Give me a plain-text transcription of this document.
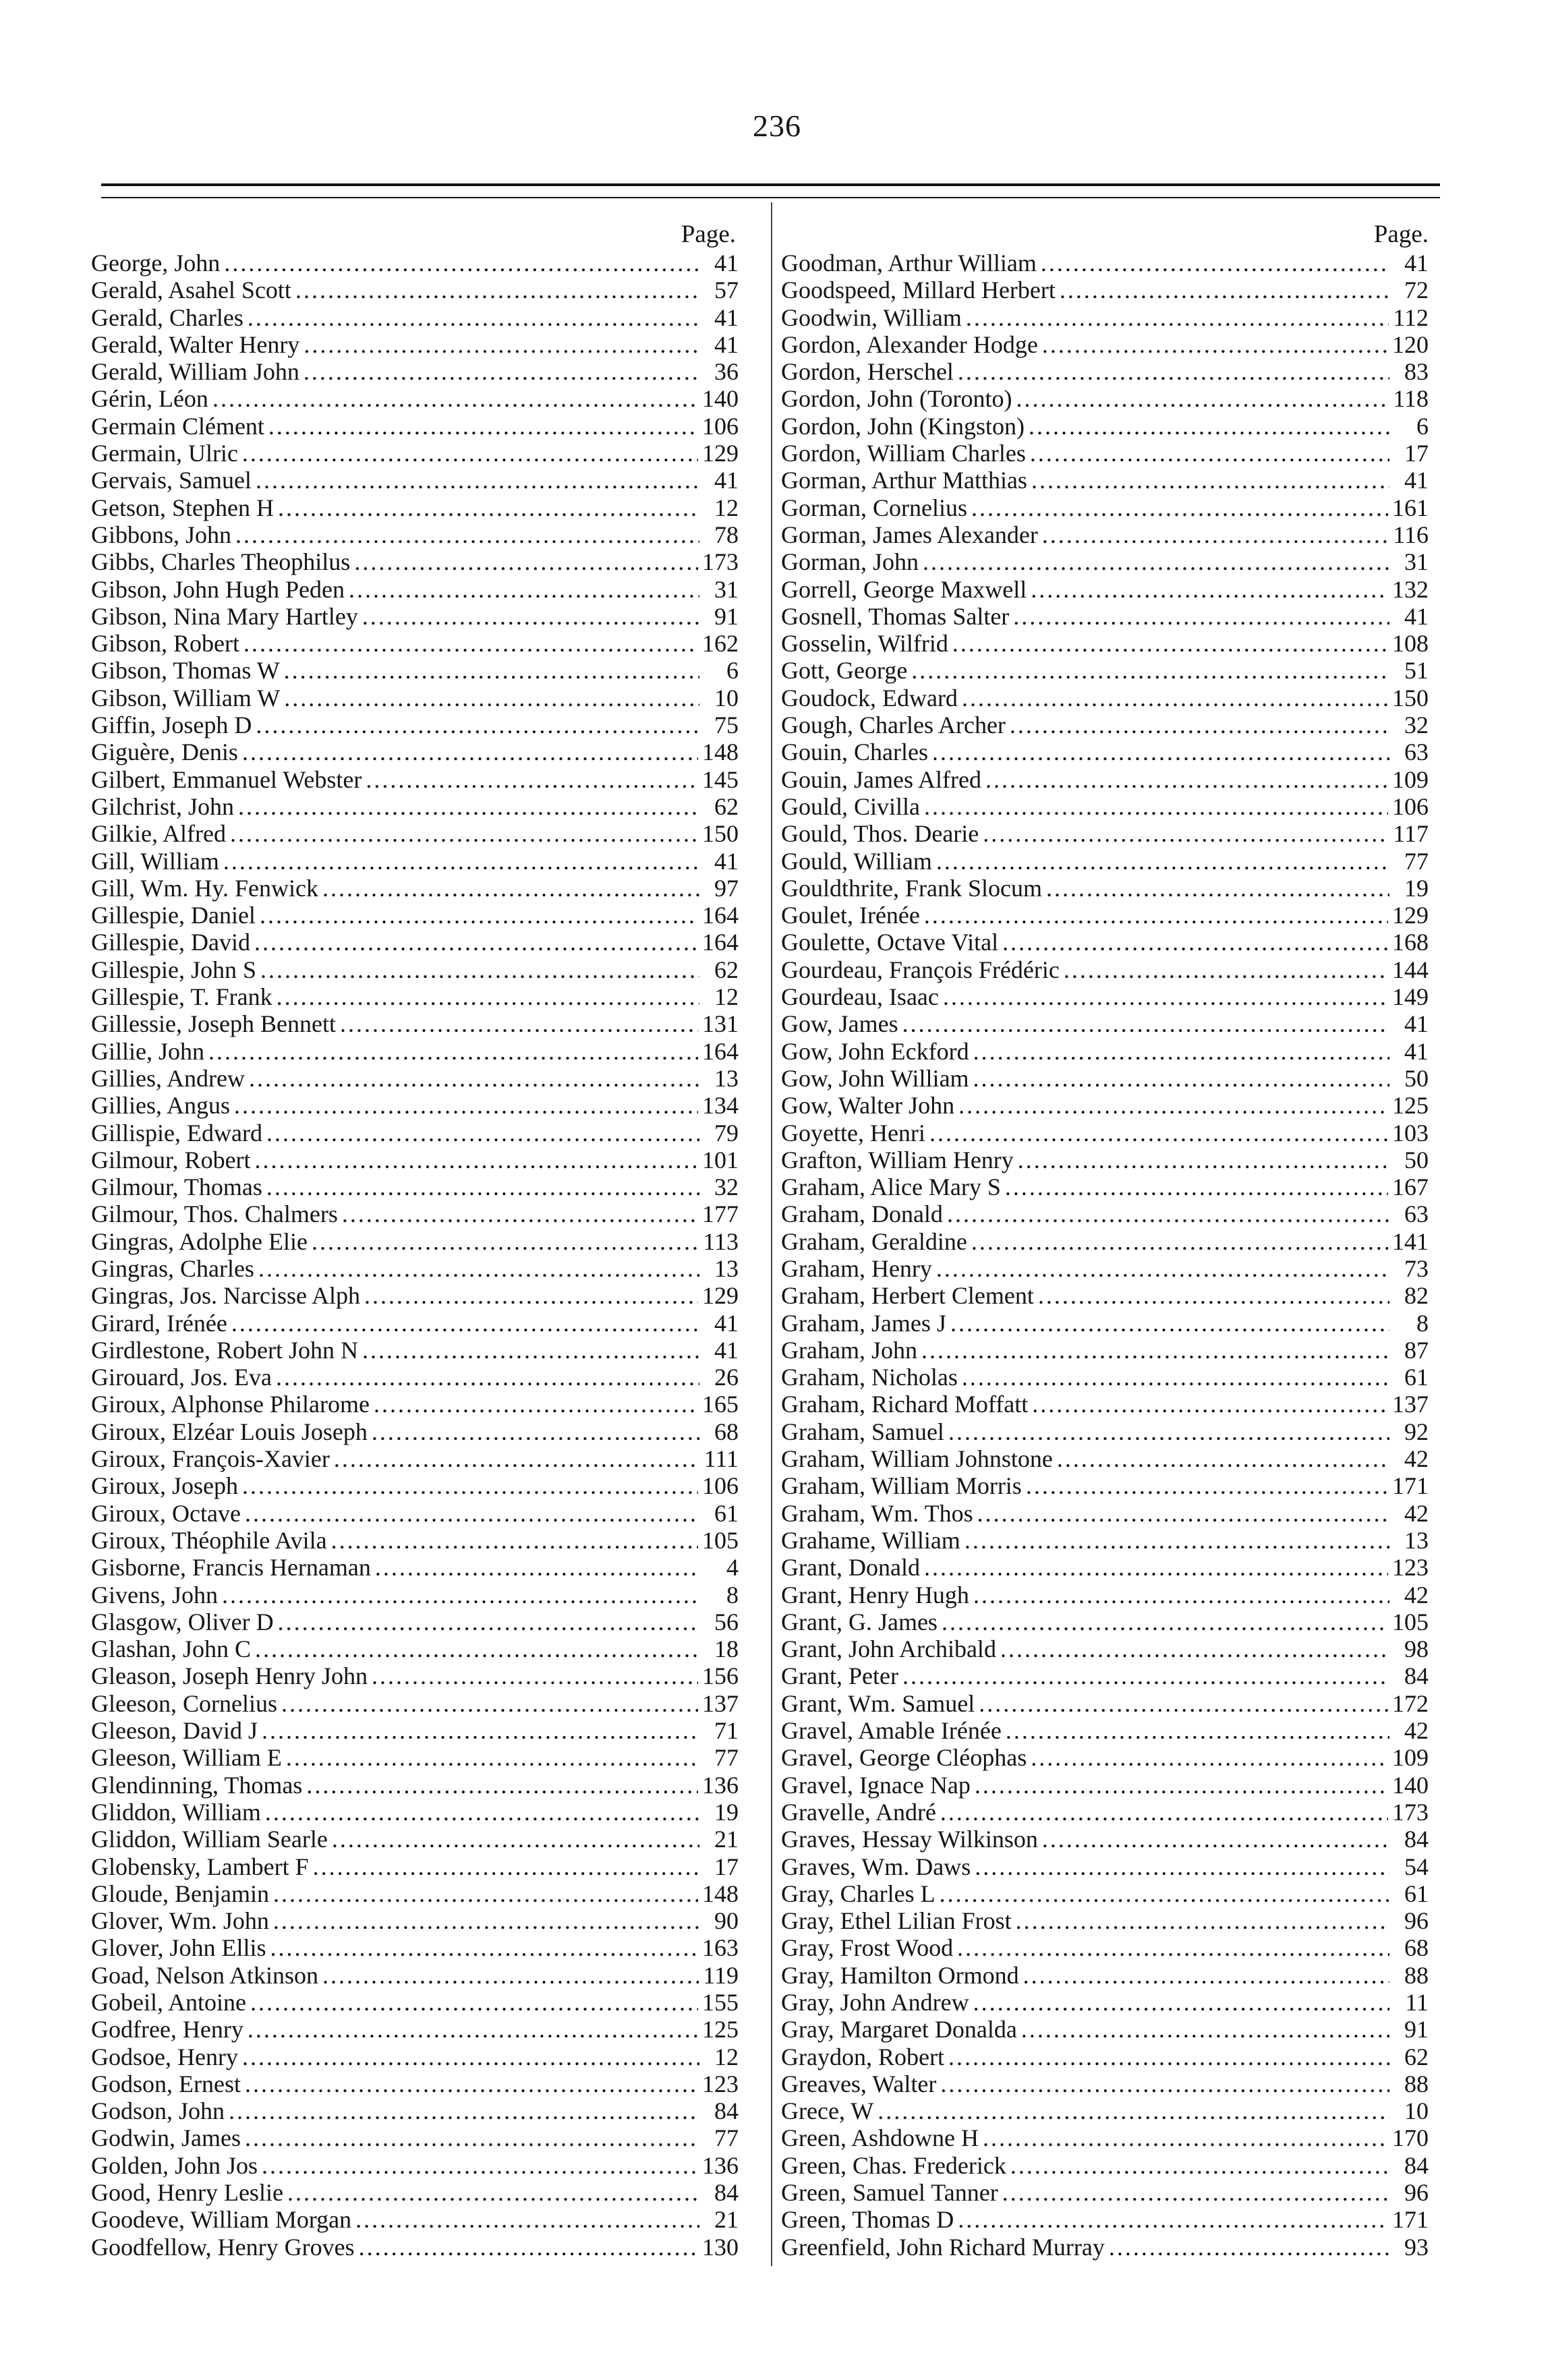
236
Page.
George, John .....	41
Gerald, Asahel Scott .....	57
Gerald, Charles .....	41
Gerald, Walter Henry .....	41
Gerald, William John .....	36
Gérin, Léon .....	140
Germain Clément .....	106
Germain, Ulric .....	129
Gervais, Samuel .....	41
Getson, Stephen H .....	12
Gibbons, John .....	78
Gibbs, Charles Theophilus .....	173
Gibson, John Hugh Peden .....	31
Gibson, Nina Mary Hartley .....	91
Gibson, Robert .....	162
Gibson, Thomas W .....	6
Gibson, William W .....	10
Giffin, Joseph D .....	75
Giguère, Denis .....	148
Gilbert, Emmanuel Webster .....	145
Gilchrist, John .....	62
Gilkie, Alfred .....	150
Gill, William .....	41
Gill, Wm. Hy. Fenwick .....	97
Gillespie, Daniel .....	164
Gillespie, David .....	164
Gillespie, John S .....	62
Gillespie, T. Frank .....	12
Gillessie, Joseph Bennett .....	131
Gillie, John .....	164
Gillies, Andrew .....	13
Gillies, Angus .....	134
Gillispie, Edward .....	79
Gilmour, Robert .....	101
Gilmour, Thomas .....	32
Gilmour, Thos. Chalmers .....	177
Gingras, Adolphe Elie .....	113
Gingras, Charles .....	13
Gingras, Jos. Narcisse Alph .....	129
Girard, Irénée .....	41
Girdlestone, Robert John N .....	41
Girouard, Jos. Eva .....	26
Giroux, Alphonse Philarome .....	165
Giroux, Elzéar Louis Joseph .....	68
Giroux, François-Xavier .....	111
Giroux, Joseph .....	106
Giroux, Octave .....	61
Giroux, Théophile Avila .....	105
Gisborne, Francis Hernaman .....	4
Givens, John .....	8
Glasgow, Oliver D .....	56
Glashan, John C .....	18
Gleason, Joseph Henry John .....	156
Gleeson, Cornelius .....	137
Gleeson, David J .....	71
Gleeson, William E .....	77
Glendinning, Thomas .....	136
Gliddon, William .....	19
Gliddon, William Searle .....	21
Globensky, Lambert F .....	17
Gloude, Benjamin .....	148
Glover, Wm. John .....	90
Glover, John Ellis .....	163
Goad, Nelson Atkinson .....	119
Gobeil, Antoine .....	155
Godfree, Henry .....	125
Godsoe, Henry .....	12
Godson, Ernest .....	123
Godson, John .....	84
Godwin, James .....	77
Golden, John Jos .....	136
Good, Henry Leslie .....	84
Goodeve, William Morgan .....	21
Goodfellow, Henry Groves .....	130
Page.
Goodman, Arthur William .....	41
Goodspeed, Millard Herbert .....	72
Goodwin, William .....	112
Gordon, Alexander Hodge .....	120
Gordon, Herschel .....	83
Gordon, John (Toronto) .....	118
Gordon, John (Kingston) .....	6
Gordon, William Charles .....	17
Gorman, Arthur Matthias .....	41
Gorman, Cornelius .....	161
Gorman, James Alexander .....	116
Gorman, John .....	31
Gorrell, George Maxwell .....	132
Gosnell, Thomas Salter .....	41
Gosselin, Wilfrid .....	108
Gott, George .....	51
Goudock, Edward .....	150
Gough, Charles Archer .....	32
Gouin, Charles .....	63
Gouin, James Alfred .....	109
Gould, Civilla .....	106
Gould, Thos. Dearie .....	117
Gould, William .....	77
Gouldthrite, Frank Slocum .....	19
Goulet, Irénée .....	129
Goulette, Octave Vital .....	168
Gourdeau, François Frédéric .....	144
Gourdeau, Isaac .....	149
Gow, James .....	41
Gow, John Eckford .....	41
Gow, John William .....	50
Gow, Walter John .....	125
Goyette, Henri .....	103
Grafton, William Henry .....	50
Graham, Alice Mary S .....	167
Graham, Donald .....	63
Graham, Geraldine .....	141
Graham, Henry .....	73
Graham, Herbert Clement .....	82
Graham, James J .....	8
Graham, John .....	87
Graham, Nicholas .....	61
Graham, Richard Moffatt .....	137
Graham, Samuel .....	92
Graham, William Johnstone .....	42
Graham, William Morris .....	171
Graham, Wm. Thos .....	42
Grahame, William .....	13
Grant, Donald .....	123
Grant, Henry Hugh .....	42
Grant, G. James .....	105
Grant, John Archibald .....	98
Grant, Peter .....	84
Grant, Wm. Samuel .....	172
Gravel, Amable Irénée .....	42
Gravel, George Cléophas .....	109
Gravel, Ignace Nap .....	140
Gravelle, André .....	173
Graves, Hessay Wilkinson .....	84
Graves, Wm. Daws .....	54
Gray, Charles L .....	61
Gray, Ethel Lilian Frost .....	96
Gray, Frost Wood .....	68
Gray, Hamilton Ormond .....	88
Gray, John Andrew .....	11
Gray, Margaret Donalda .....	91
Graydon, Robert .....	62
Greaves, Walter .....	88
Grece, W .....	10
Green, Ashdowne H .....	170
Green, Chas. Frederick .....	84
Green, Samuel Tanner .....	96
Green, Thomas D .....	171
Greenfield, John Richard Murray .....	93
